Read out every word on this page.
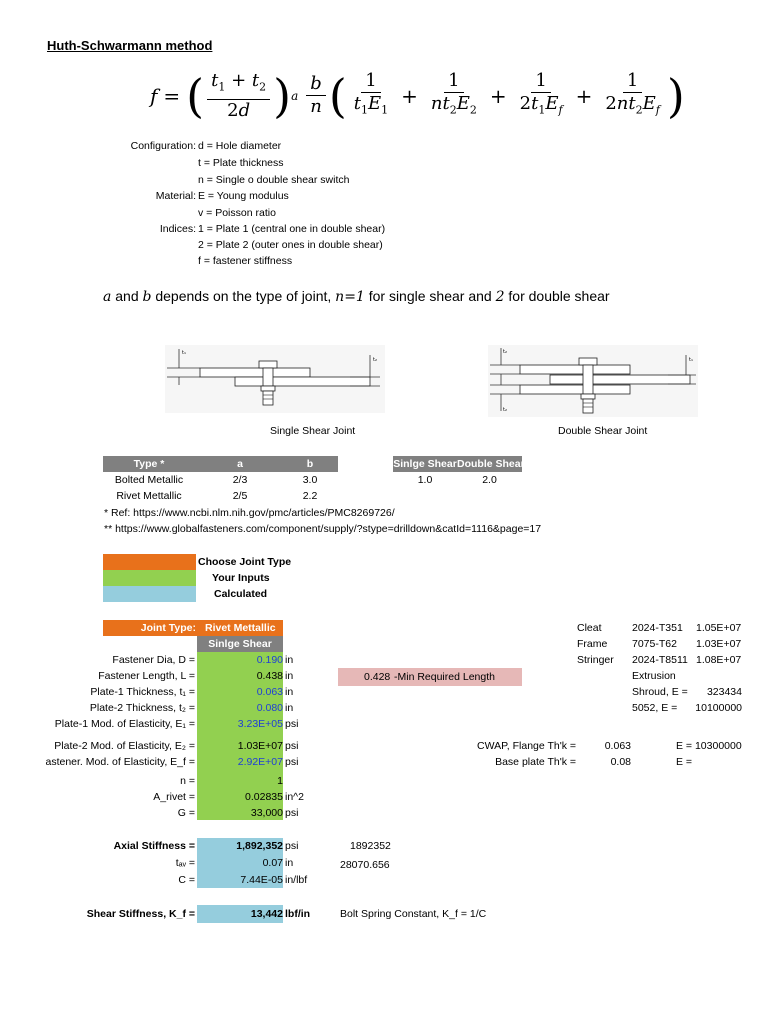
Huth-Schwarmann method
f = ( $\frac{t_1 + t_2}{2d}$ ) a $\frac{b}{n}$ ( $\frac{1}{t_1E_1} + \frac{1}{nt_2E_2} + \frac{1}{2t_1E_f} + \frac{1}{2nt_2E_f}$ )
Configuration: d = Hole diameter
t = Plate thickness
n = Single o double shear switch
Material: E = Young modulus
v = Poisson ratio
Indices: 1 = Plate 1 (central one in double shear)
2 = Plate 2 (outer ones in double shear)
f = fastener stiffness
a and b depends on the type of joint, n=1 for single shear and 2 for double shear
t₁
t₂
Single Shear Joint
t₂
t₂
t₁
Double Shear Joint
Type *	a	b
Bolted Metallic	2/3	3.0
Rivet Mettallic	2/5	2.2
Sinlge Shear Double Shear
1.0	2.0
* Ref: https://www.ncbi.nlm.nih.gov/pmc/articles/PMC8269726/
** https://www.globalfasteners.com/component/supply/?stype=drilldown&catId=1116&page=17
Choose Joint Type
Your Inputs
Calculated
Joint Type: Rivet Mettallic
Sinlge Shear
Fastener Dia, D =	0.190 in
Fastener Length, L =	0.438 in
Plate-1 Thickness, t₁ =	0.063 in
Plate-2 Thickness, t₂ =	0.080 in
Plate-1 Mod. of Elasticity, E₁ =	3.23E+05 psi
Plate-2 Mod. of Elasticity, E₂ =	1.03E+07 psi
astener. Mod. of Elasticity, E_f =	2.92E+07 psi
n =	1
A_rivet =	0.02835 in^2
G =	33,000 psi
0.428 -Min Required Length
Cleat	2024-T351 1.05E+07
Frame 7075-T62 1.03E+07
Stringer 2024-T8511 1.08E+07
Extrusion
Shroud, E =	323434
5052, E =	10100000
CWAP, Flange Th'k =	0.063	E = 10300000
Base plate Th'k =	0.08	E =
Axial Stiffness =	1,892,352 psi	1892352
tₐᵥ =	0.07 in	28070.656
C =	7.44E-05 in/lbf
Shear Stiffness, K_f =	13,442 lbf/in	Bolt Spring Constant, K_f = 1/C
